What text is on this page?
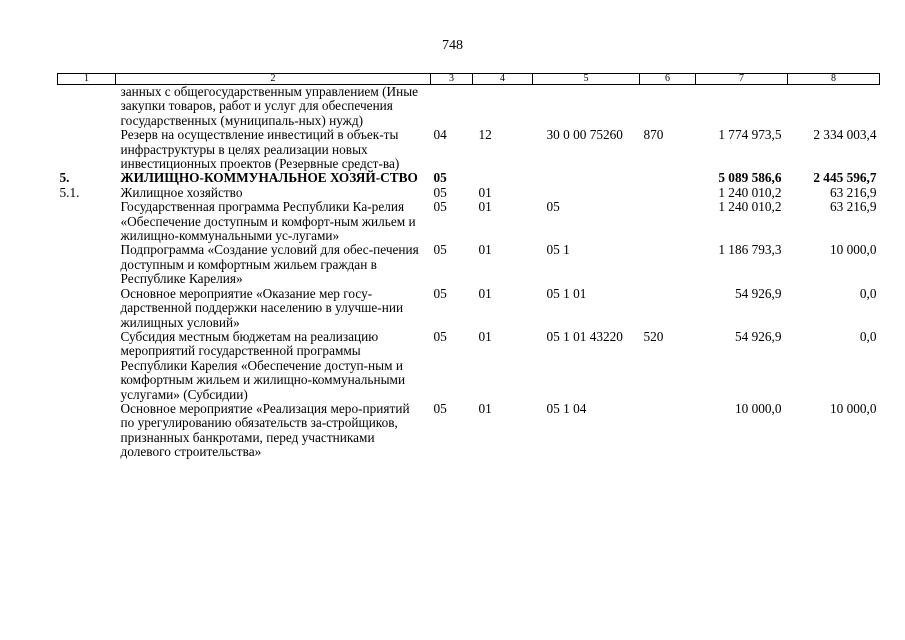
748
1	2	3	4	5	6	7	8
	занных с общегосударственным управлением (Иные закупки товаров, работ и услуг для обеспечения государственных (муниципаль-ных) нужд)						
	Резерв на осуществление инвестиций в объек-ты инфраструктуры в целях реализации новых инвестиционных проектов (Резервные средст-ва)	04	12	30 0 00 75260	870	1 774 973,5	2 334 003,4
5.	ЖИЛИЩНО-КОММУНАЛЬНОЕ ХОЗЯЙ-СТВО	05				5 089 586,6	2 445 596,7
5.1.	Жилищное хозяйство	05	01			1 240 010,2	63 216,9
	Государственная программа Республики Ка-релия «Обеспечение доступным и комфорт-ным жильем и жилищно-коммунальными ус-лугами»	05	01	05		1 240 010,2	63 216,9
	Подпрограмма «Создание условий для обес-печения доступным и комфортным жильем граждан в Республике Карелия»	05	01	05 1		1 186 793,3	10 000,0
	Основное мероприятие «Оказание мер госу-дарственной поддержки населению в улучше-нии жилищных условий»	05	01	05 1 01		54 926,9	0,0
	Субсидия местным бюджетам на реализацию мероприятий государственной программы Республики Карелия «Обеспечение доступ-ным и комфортным жильем и жилищно-коммунальными услугами» (Субсидии)	05	01	05 1 01 43220	520	54 926,9	0,0
	Основное мероприятие «Реализация меро-приятий по урегулированию обязательств за-стройщиков, признанных банкротами, перед участниками долевого строительства»	05	01	05 1 04		10 000,0	10 000,0
